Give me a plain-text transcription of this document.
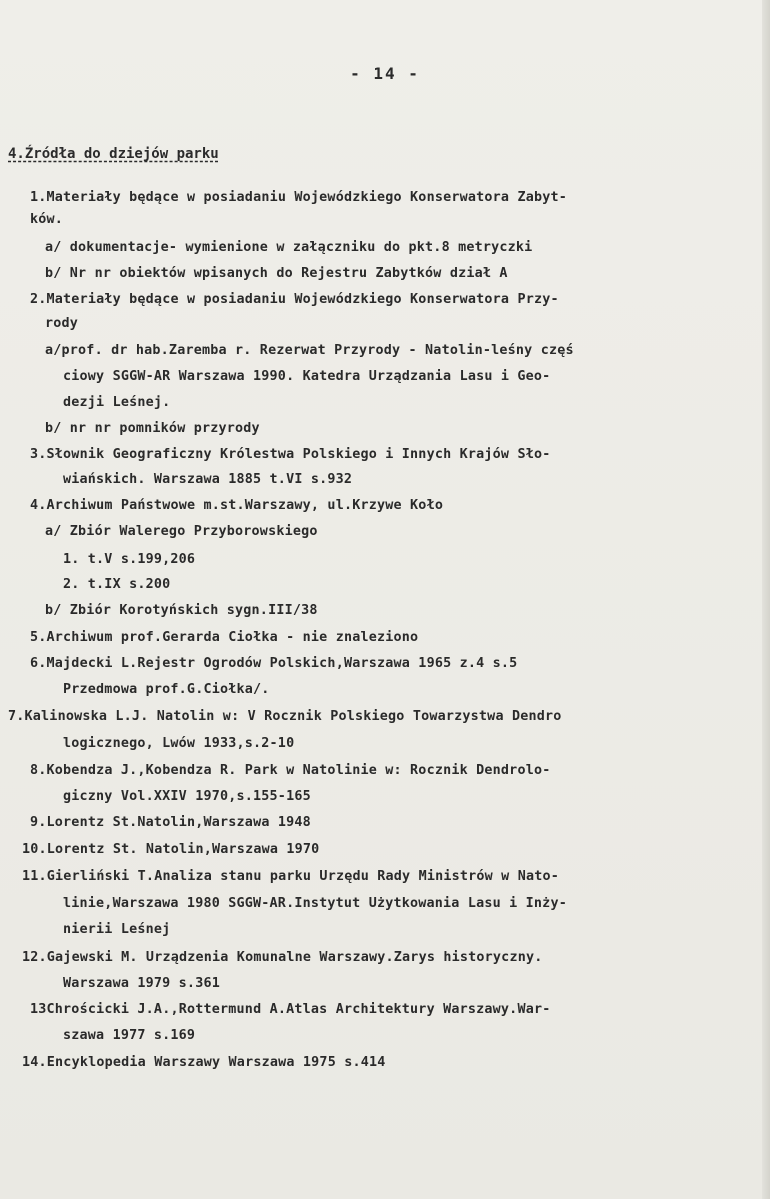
- 14 -
4.Źródła do dziejów parku
1.Materiały będące w posiadaniu Wojewódzkiego Konserwatora Zabyt-
ków.
a/ dokumentacje- wymienione w załączniku do pkt.8 metryczki
b/ Nr nr obiektów wpisanych do Rejestru Zabytków dział A
2.Materiały będące w posiadaniu Wojewódzkiego Konserwatora Przy-
rody
a/prof. dr hab.Zaremba r. Rezerwat Przyrody - Natolin-leśny częś
ciowy SGGW-AR Warszawa 1990. Katedra Urządzania Lasu i Geo-
dezji Leśnej.
b/ nr nr pomników przyrody
3.Słownik Geograficzny Królestwa Polskiego i Innych Krajów Sło-
wiańskich. Warszawa 1885 t.VI s.932
4.Archiwum Państwowe m.st.Warszawy, ul.Krzywe Koło
a/ Zbiór Walerego Przyborowskiego
1. t.V s.199,206
2. t.IX s.200
b/ Zbiór Korotyńskich sygn.III/38
5.Archiwum prof.Gerarda Ciołka - nie znaleziono
6.Majdecki L.Rejestr Ogrodów Polskich,Warszawa 1965 z.4 s.5
Przedmowa prof.G.Ciołka/.
7.Kalinowska L.J. Natolin w: V Rocznik Polskiego Towarzystwa Dendro
logicznego, Lwów 1933,s.2-10
8.Kobendza J.,Kobendza R. Park w Natolinie w: Rocznik Dendrolo-
giczny Vol.XXIV 1970,s.155-165
9.Lorentz St.Natolin,Warszawa 1948
10.Lorentz St. Natolin,Warszawa 1970
11.Gierliński T.Analiza stanu parku Urzędu Rady Ministrów w Nato-
linie,Warszawa 1980 SGGW-AR.Instytut Użytkowania Lasu i Inży-
nierii Leśnej
12.Gajewski M. Urządzenia Komunalne Warszawy.Zarys historyczny.
Warszawa 1979 s.361
13Chrościcki J.A.,Rottermund A.Atlas Architektury Warszawy.War-
szawa 1977 s.169
14.Encyklopedia Warszawy Warszawa 1975 s.414
